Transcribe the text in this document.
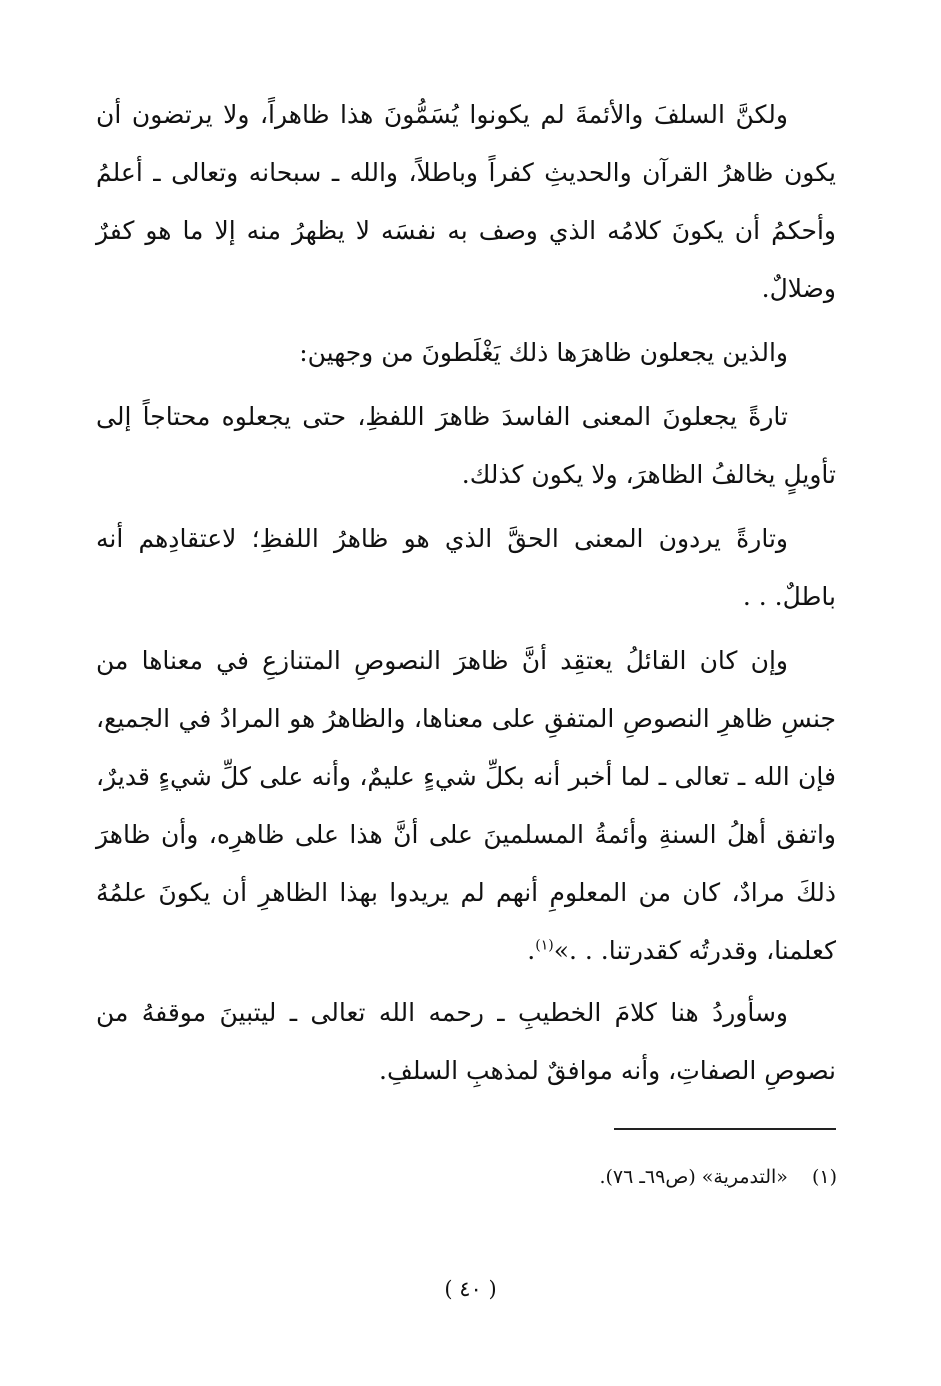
ولكنَّ السلفَ والأئمةَ لم يكونوا يُسَمُّونَ هذا ظاهراً، ولا يرتضون أن يكون ظاهرُ القرآن والحديثِ كفراً وباطلاً، والله ـ سبحانه وتعالى ـ أعلمُ وأحكمُ أن يكونَ كلامُه الذي وصف به نفسَه لا يظهرُ منه إلا ما هو كفرٌ وضلالٌ.

والذين يجعلون ظاهرَها ذلك يَغْلَطونَ من وجهين:

تارةً يجعلونَ المعنى الفاسدَ ظاهرَ اللفظِ، حتى يجعلوه محتاجاً إلى تأويلٍ يخالفُ الظاهرَ، ولا يكون كذلك.

وتارةً يردون المعنى الحقَّ الذي هو ظاهرُ اللفظِ؛ لاعتقادِهم أنه باطلٌ. . .

وإن كان القائلُ يعتقِد أنَّ ظاهرَ النصوصِ المتنازعِ في معناها من جنسِ ظاهرِ النصوصِ المتفقِ على معناها، والظاهرُ هو المرادُ في الجميع، فإن الله ـ تعالى ـ لما أخبر أنه بكلِّ شيءٍ عليمٌ، وأنه على كلِّ شيءٍ قديرٌ، واتفق أهلُ السنةِ وأئمةُ المسلمينَ على أنَّ هذا على ظاهرِه، وأن ظاهرَ ذلكَ مرادٌ، كان من المعلومِ أنهم لم يريدوا بهذا الظاهرِ أن يكونَ علمُهُ كعلمنا، وقدرتُه كقدرتنا. . .»$^{(١)}$.

وسأوردُ هنا كلامَ الخطيبِ ـ رحمه الله تعالى ـ ليتبينَ موقفهُ من نصوصِ الصفاتِ، وأنه موافقٌ لمذهبِ السلفِ.

(١)«التدمرية» (ص٦٩ـ ٧٦).
( ٤٠ )
